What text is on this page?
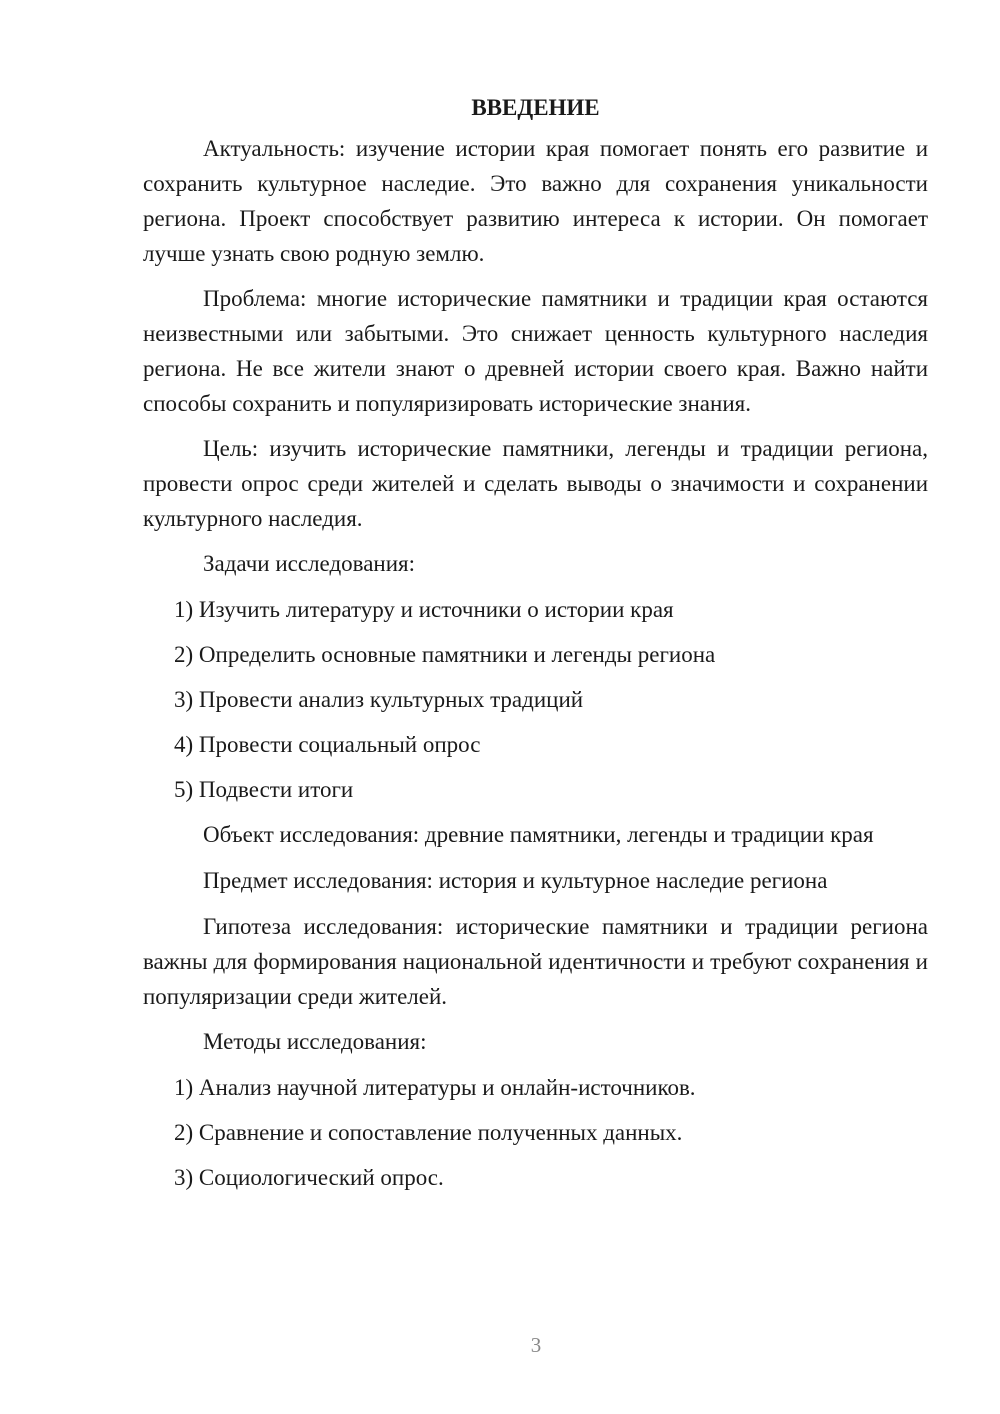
ВВЕДЕНИЕ

Актуальность: изучение истории края помогает понять его развитие и сохранить культурное наследие. Это важно для сохранения уникальности региона. Проект способствует развитию интереса к истории. Он помогает лучше узнать свою родную землю.

Проблема: многие исторические памятники и традиции края остаются неизвестными или забытыми. Это снижает ценность культурного наследия региона. Не все жители знают о древней истории своего края. Важно найти способы сохранить и популяризировать исторические знания.

Цель: изучить исторические памятники, легенды и традиции региона, провести опрос среди жителей и сделать выводы о значимости и сохранении культурного наследия.

Задачи исследования:
1) Изучить литературу и источники о истории края
2) Определить основные памятники и легенды региона
3) Провести анализ культурных традиций
4) Провести социальный опрос
5) Подвести итоги
Объект исследования: древние памятники, легенды и традиции края
Предмет исследования: история и культурное наследие региона

Гипотеза исследования: исторические памятники и традиции региона важны для формирования национальной идентичности и требуют сохранения и популяризации среди жителей.

Методы исследования:
1) Анализ научной литературы и онлайн-источников.
2) Сравнение и сопоставление полученных данных.
3) Социологический опрос.
3
